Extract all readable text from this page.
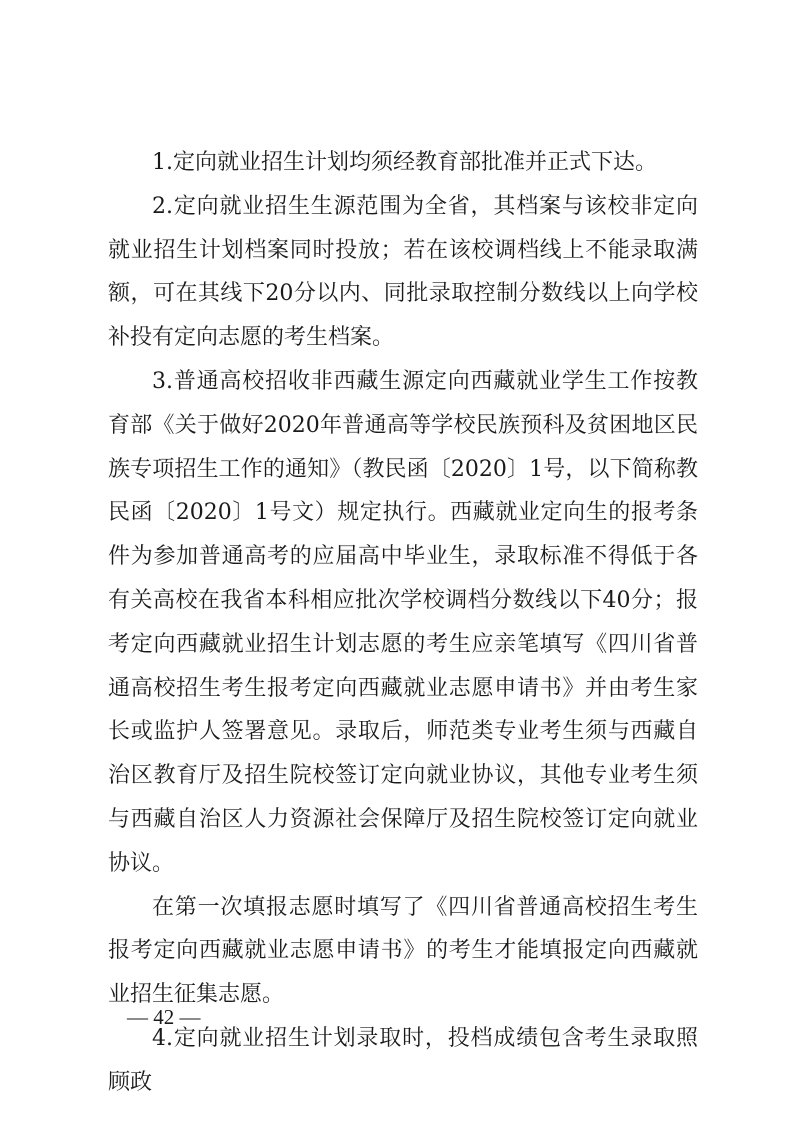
1.定向就业招生计划均须经教育部批准并正式下达。

2.定向就业招生生源范围为全省，其档案与该校非定向就业招生计划档案同时投放；若在该校调档线上不能录取满额，可在其线下20分以内、同批录取控制分数线以上向学校补投有定向志愿的考生档案。

3.普通高校招收非西藏生源定向西藏就业学生工作按教育部《关于做好2020年普通高等学校民族预科及贫困地区民族专项招生工作的通知》（教民函〔2020〕1号，以下简称教民函〔2020〕1号文）规定执行。西藏就业定向生的报考条件为参加普通高考的应届高中毕业生，录取标准不得低于各有关高校在我省本科相应批次学校调档分数线以下40分；报考定向西藏就业招生计划志愿的考生应亲笔填写《四川省普通高校招生考生报考定向西藏就业志愿申请书》并由考生家长或监护人签署意见。录取后，师范类专业考生须与西藏自治区教育厅及招生院校签订定向就业协议，其他专业考生须与西藏自治区人力资源社会保障厅及招生院校签订定向就业协议。

在第一次填报志愿时填写了《四川省普通高校招生考生报考定向西藏就业志愿申请书》的考生才能填报定向西藏就业招生征集志愿。

4.定向就业招生计划录取时，投档成绩包含考生录取照顾政

— 42 —
